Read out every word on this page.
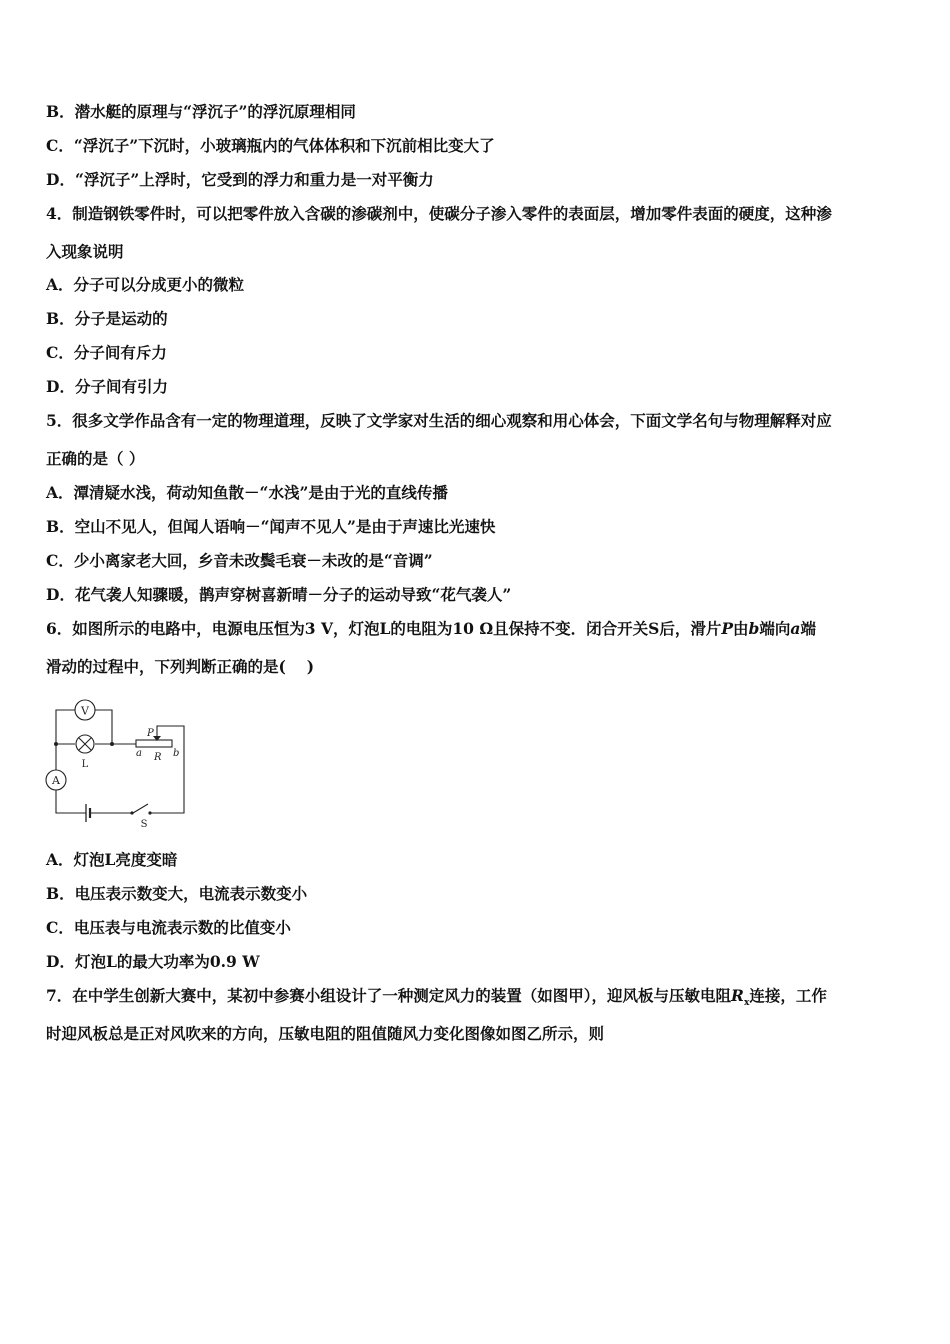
B．潜水艇的原理与“浮沉子”的浮沉原理相同
C．“浮沉子”下沉时，小玻璃瓶内的气体体积和下沉前相比变大了
D．“浮沉子”上浮时，它受到的浮力和重力是一对平衡力
4．制造钢铁零件时，可以把零件放入含碳的渗碳剂中，使碳分子渗入零件的表面层，增加零件表面的硬度，这种渗
入现象说明
A．分子可以分成更小的微粒
B．分子是运动的
C．分子间有斥力
D．分子间有引力
5．很多文学作品含有一定的物理道理，反映了文学家对生活的细心观察和用心体会，下面文学名句与物理解释对应
正确的是（ ）
A．潭清疑水浅，荷动知鱼散－“水浅”是由于光的直线传播
B．空山不见人，但闻人语响－“闻声不见人”是由于声速比光速快
C．少小离家老大回，乡音未改鬓毛衰－未改的是“音调”
D．花气袭人知骤暖，鹊声穿树喜新晴－分子的运动导致“花气袭人”
6．如图所示的电路中，电源电压恒为3 V，灯泡L的电阻为10 Ω且保持不变．闭合开关S后，滑片P由b端向a端
滑动的过程中，下列判断正确的是(　 )
V
L
A
S
P
a R b
A．灯泡L亮度变暗
B．电压表示数变大，电流表示数变小
C．电压表与电流表示数的比值变小
D．灯泡L的最大功率为0.9 W
7．在中学生创新大赛中，某初中参赛小组设计了一种测定风力的装置（如图甲），迎风板与压敏电阻$R_x$连接，工作
时迎风板总是正对风吹来的方向，压敏电阻的阻值随风力变化图像如图乙所示，则
